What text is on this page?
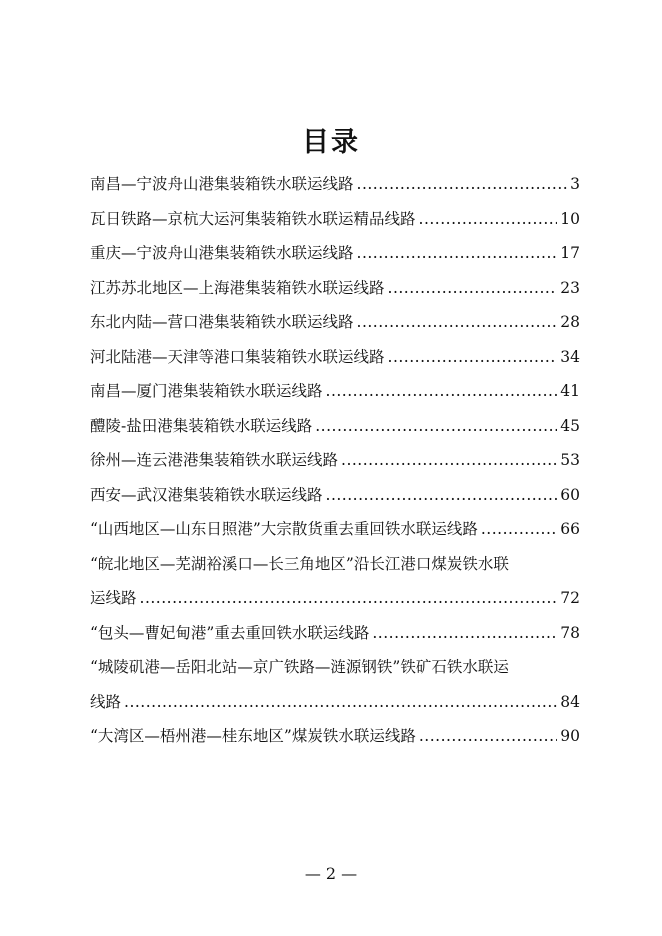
目录
南昌—宁波舟山港集装箱铁水联运线路 .....	3
瓦日铁路—京杭大运河集装箱铁水联运精品线路 .....	10
重庆—宁波舟山港集装箱铁水联运线路 .....	17
江苏苏北地区—上海港集装箱铁水联运线路 .....	23
东北内陆—营口港集装箱铁水联运线路 .....	28
河北陆港—天津等港口集装箱铁水联运线路 .....	34
南昌—厦门港集装箱铁水联运线路 .....	41
醴陵-盐田港集装箱铁水联运线路 .....	45
徐州—连云港港集装箱铁水联运线路 .....	53
西安—武汉港集装箱铁水联运线路 .....	60
“山西地区—山东日照港”大宗散货重去重回铁水联运线路 .....	66
“皖北地区—芜湖裕溪口—长三角地区”沿长江港口煤炭铁水联
运线路 .....	72
“包头—曹妃甸港”重去重回铁水联运线路 .....	78
“城陵矶港—岳阳北站—京广铁路—涟源钢铁”铁矿石铁水联运
线路 .....	84
“大湾区—梧州港—桂东地区”煤炭铁水联运线路 .....	90
— 2 —
